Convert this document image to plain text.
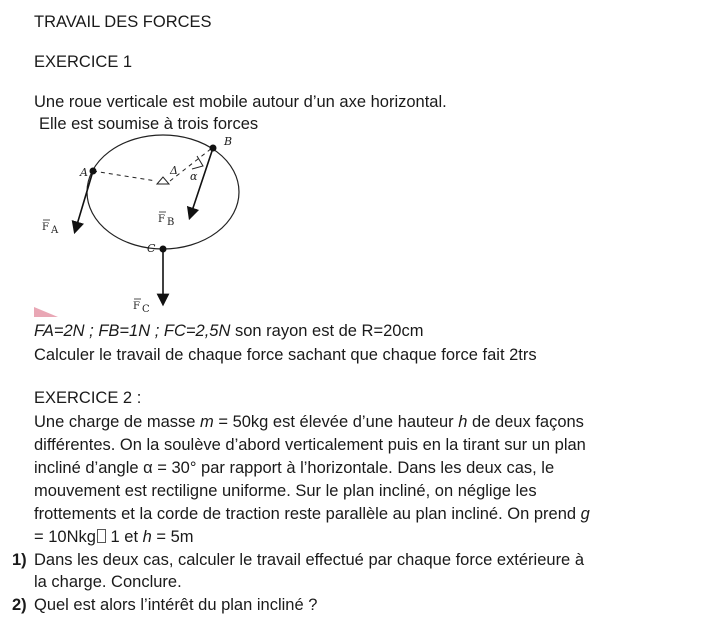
TRAVAIL DES FORCES
EXERCICE 1
Une roue verticale est mobile autour d’un axe horizontal.
Elle est soumise à trois forces
A
B
C
α
Δ
F A
F B
F C
FA=2N ; FB=1N ; FC=2,5N son rayon est de R=20cm
Calculer le travail de chaque force sachant que chaque force fait 2trs
EXERCICE 2 :
Une charge de masse m = 50kg est élevée d’une hauteur h de deux façons
différentes. On la soulève d’abord verticalement puis en la tirant sur un plan
incliné d’angle α = 30° par rapport à l’horizontale. Dans les deux cas, le
mouvement est rectiligne uniforme. Sur le plan incliné, on néglige les
frottements et la corde de traction reste parallèle au plan incliné. On prend g
= 10Nkg 1 et h = 5m
1) Dans les deux cas, calculer le travail effectué par chaque force extérieure à
la charge. Conclure.
2) Quel est alors l’intérêt du plan incliné ?
